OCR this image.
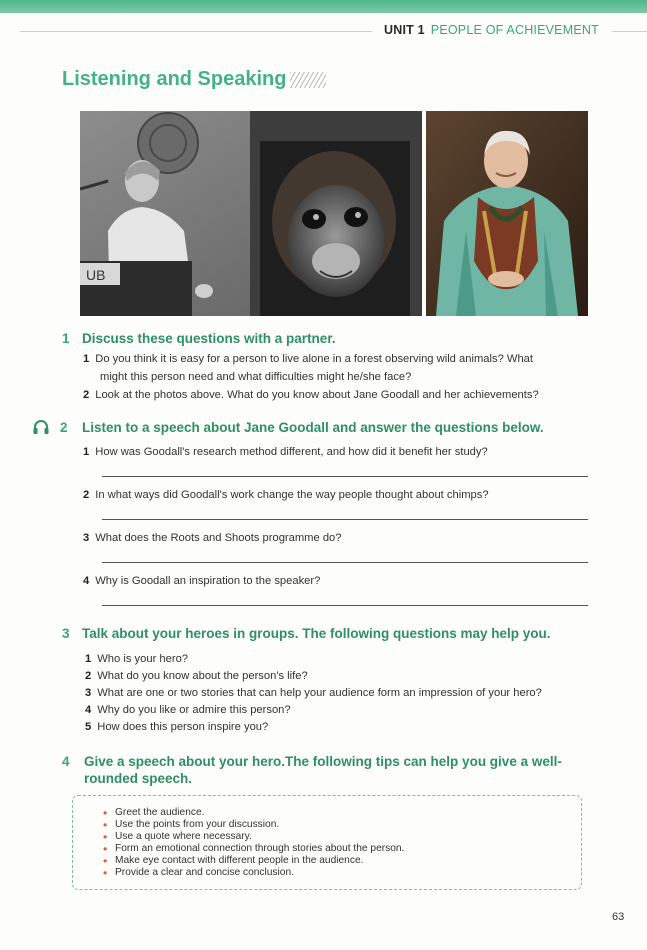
UNIT 1 PEOPLE OF ACHIEVEMENT
Listening and Speaking
UB
1 Discuss these questions with a partner.
1 Do you think it is easy for a person to live alone in a forest observing wild animals? What
might this person need and what difficulties might he/she face?
2 Look at the photos above. What do you know about Jane Goodall and her achievements?
2 Listen to a speech about Jane Goodall and answer the questions below.
1 How was Goodall's research method different, and how did it benefit her study?
2 In what ways did Goodall's work change the way people thought about chimps?
3 What does the Roots and Shoots programme do?
4 Why is Goodall an inspiration to the speaker?
3 Talk about your heroes in groups. The following questions may help you.
1 Who is your hero?
2 What do you know about the person's life?
3 What are one or two stories that can help your audience form an impression of your hero?
4 Why do you like or admire this person?
5 How does this person inspire you?
4 Give a speech about your hero.The following tips can help you give a well-
rounded speech.
• Greet the audience.
• Use the points from your discussion.
• Use a quote where necessary.
• Form an emotional connection through stories about the person.
• Make eye contact with different people in the audience.
• Provide a clear and concise conclusion.
63
